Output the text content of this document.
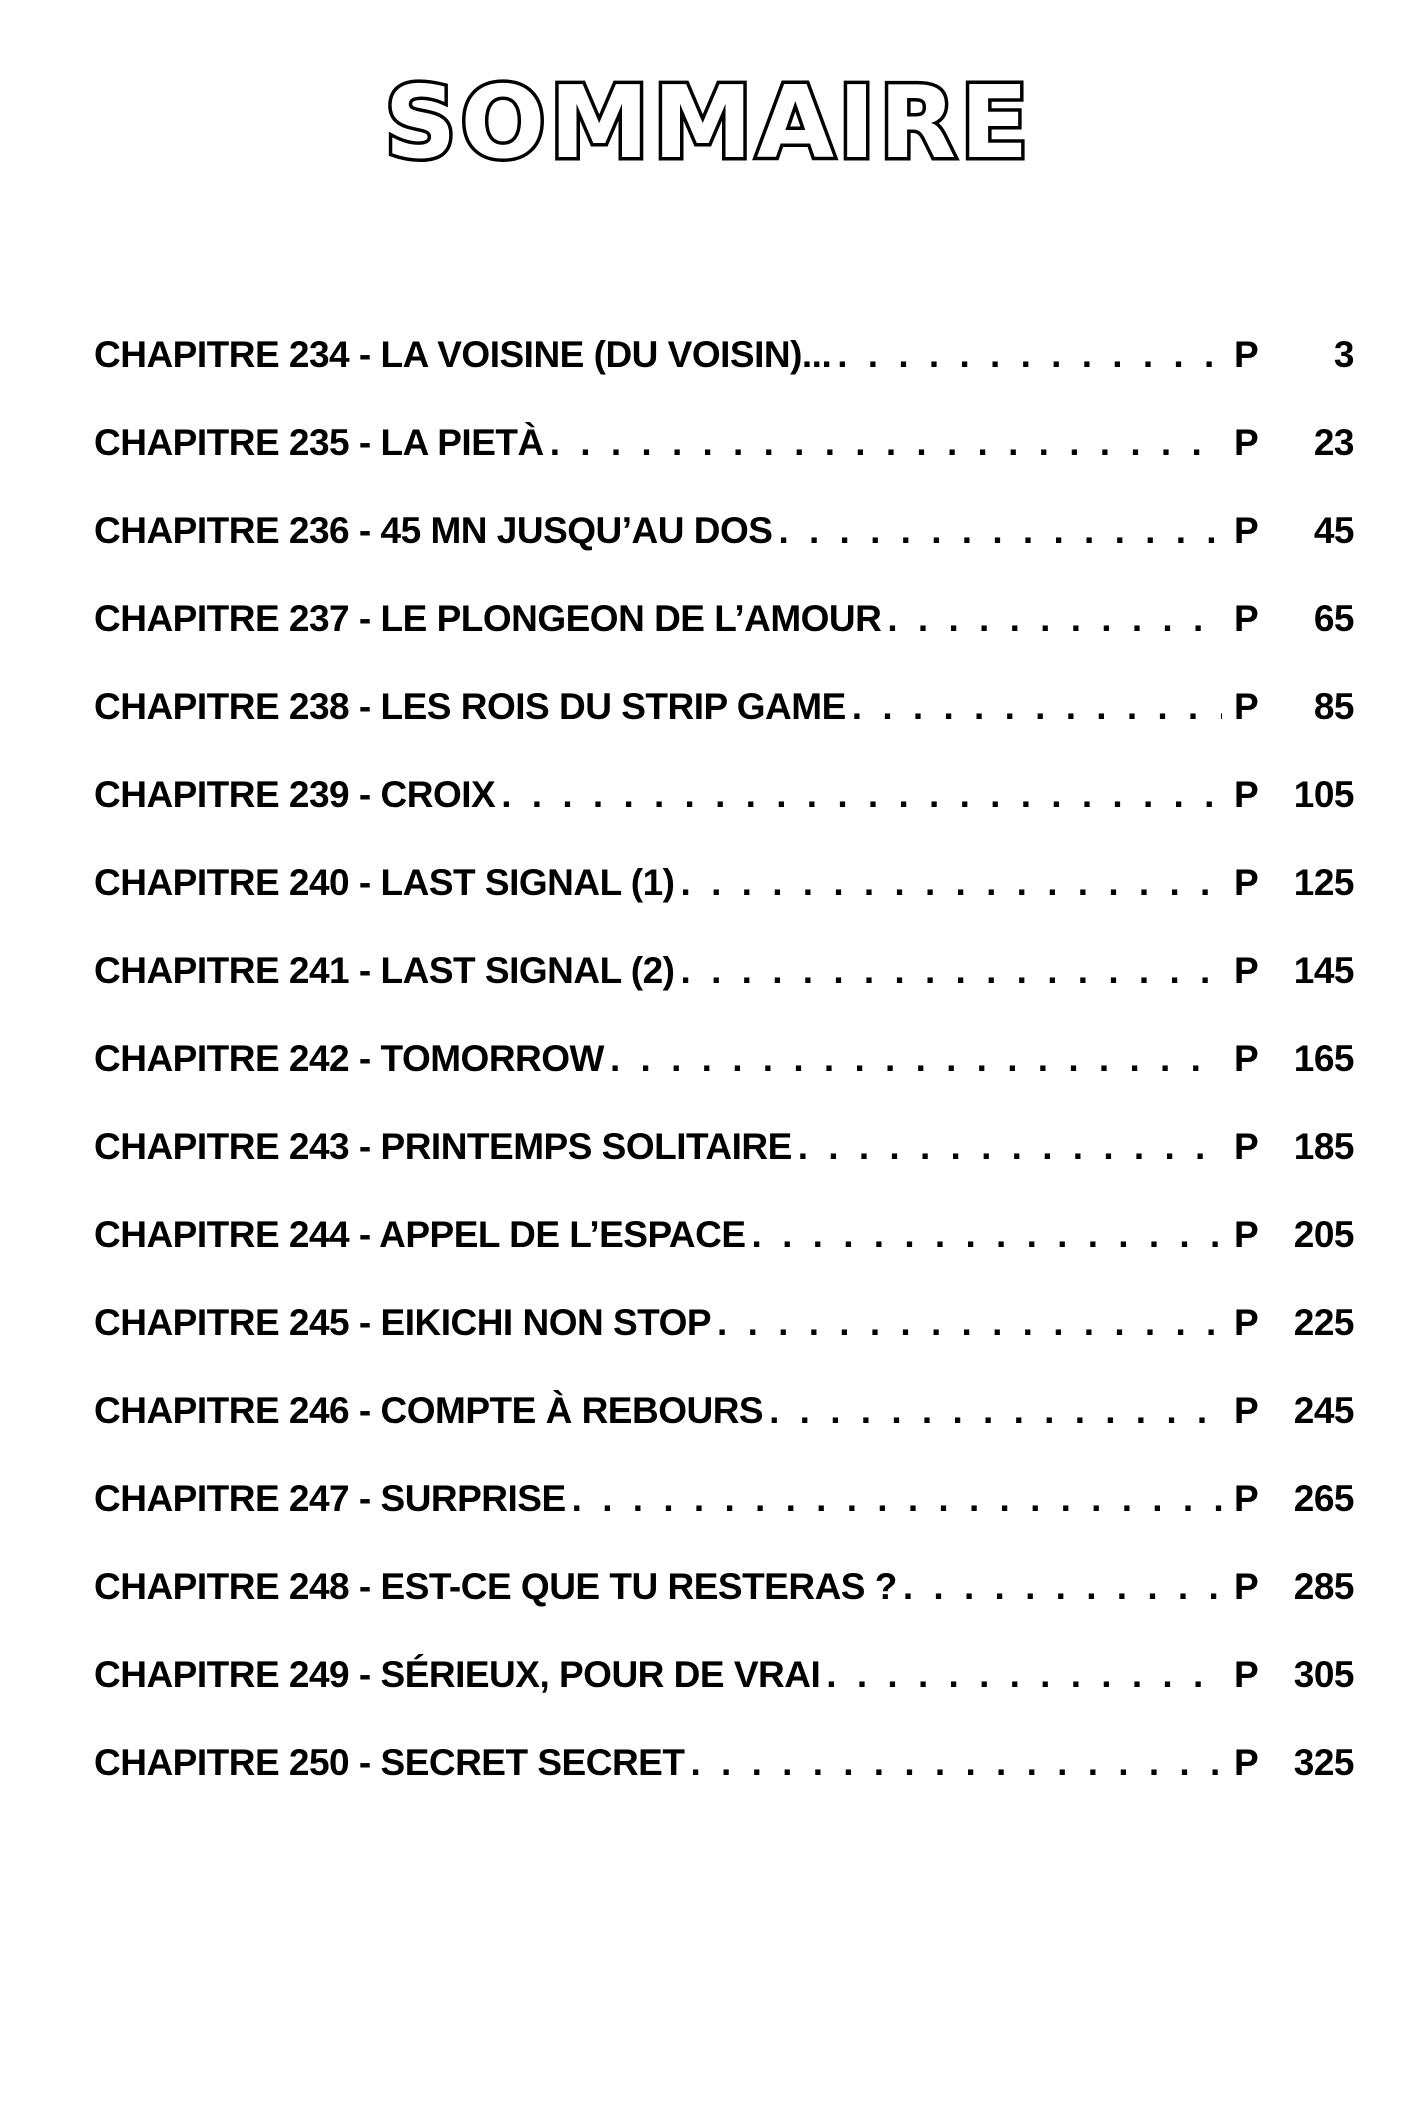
SOMMAIRE
CHAPITRE 234 - LA VOISINE (DU VOISIN)... . . .	P	3
CHAPITRE 235 - LA PIETÀ . . .	P	23
CHAPITRE 236 - 45 MN JUSQU’AU DOS . . .	P	45
CHAPITRE 237 - LE PLONGEON DE L’AMOUR . . .	P	65
CHAPITRE 238 - LES ROIS DU STRIP GAME . . .	P	85
CHAPITRE 239 - CROIX . . .	P 105
CHAPITRE 240 - LAST SIGNAL (1) . . .	P 125
CHAPITRE 241 - LAST SIGNAL (2) . . .	P 145
CHAPITRE 242 - TOMORROW . . .	P 165
CHAPITRE 243 - PRINTEMPS SOLITAIRE . . .	P 185
CHAPITRE 244 - APPEL DE L’ESPACE . . .	P 205
CHAPITRE 245 - EIKICHI NON STOP . . .	P 225
CHAPITRE 246 - COMPTE À REBOURS . . .	P 245
CHAPITRE 247 - SURPRISE . . .	P 265
CHAPITRE 248 - EST-CE QUE TU RESTERAS ? . . .	P 285
CHAPITRE 249 - SÉRIEUX, POUR DE VRAI . . .	P 305
CHAPITRE 250 - SECRET SECRET . . .	P 325
